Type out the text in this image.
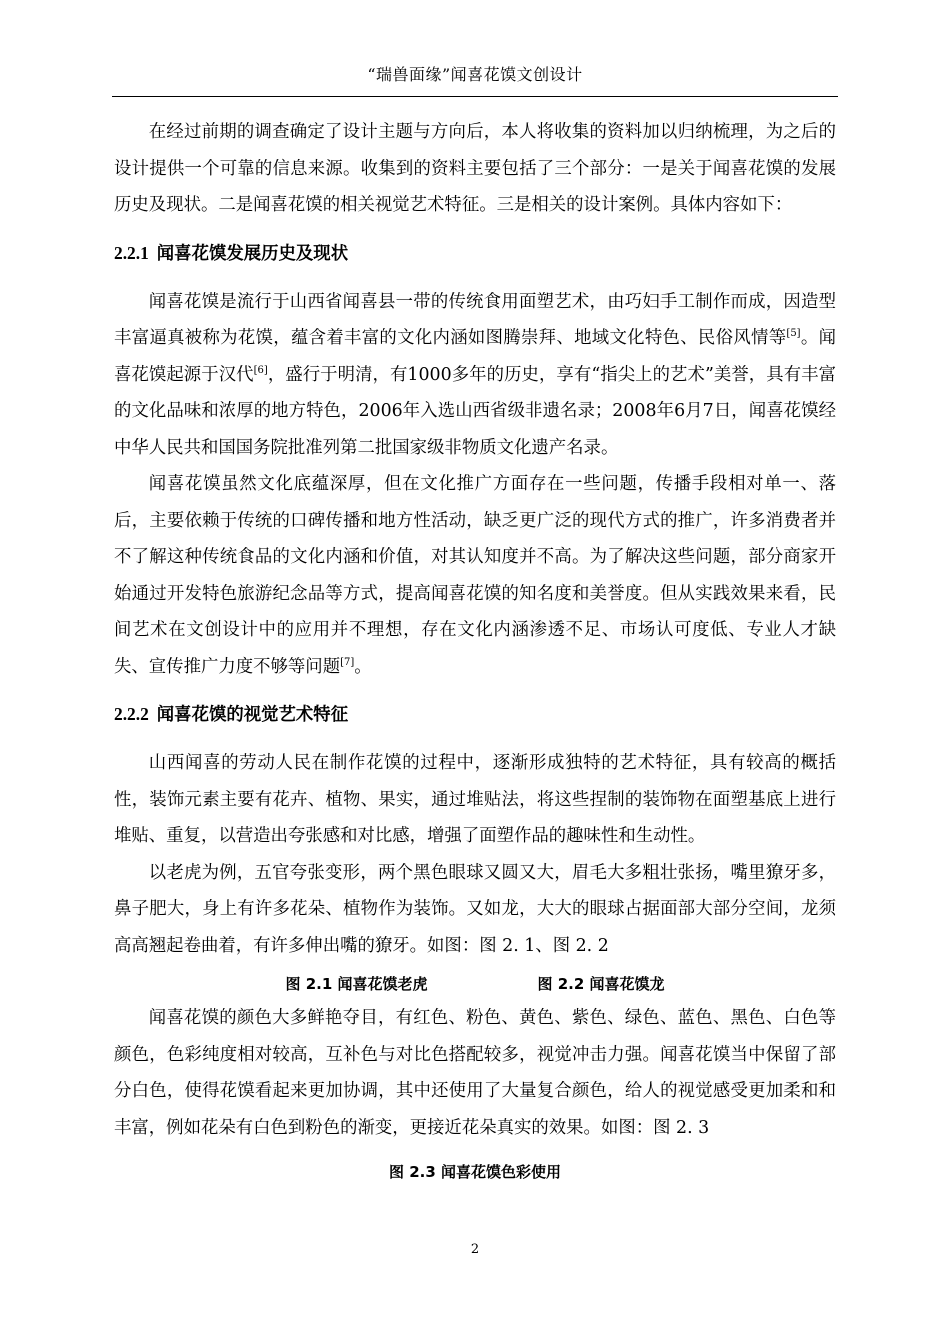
“瑞兽面缘”闻喜花馍文创设计

在经过前期的调查确定了设计主题与方向后，本人将收集的资料加以归纳梳理，为之后的设计提供一个可靠的信息来源。收集到的资料主要包括了三个部分：一是关于闻喜花馍的发展历史及现状。二是闻喜花馍的相关视觉艺术特征。三是相关的设计案例。具体内容如下：

2.2.1 闻喜花馍发展历史及现状

闻喜花馍是流行于山西省闻喜县一带的传统食用面塑艺术，由巧妇手工制作而成，因造型丰富逼真被称为花馍，蕴含着丰富的文化内涵如图腾崇拜、地域文化特色、民俗风情等[5]。闻喜花馍起源于汉代[6]，盛行于明清，有1000多年的历史，享有“指尖上的艺术”美誉，具有丰富的文化品味和浓厚的地方特色，2006年入选山西省级非遗名录；2008年6月7日，闻喜花馍经中华人民共和国国务院批准列第二批国家级非物质文化遗产名录。

闻喜花馍虽然文化底蕴深厚，但在文化推广方面存在一些问题，传播手段相对单一、落后，主要依赖于传统的口碑传播和地方性活动，缺乏更广泛的现代方式的推广，许多消费者并不了解这种传统食品的文化内涵和价值，对其认知度并不高。为了解决这些问题，部分商家开始通过开发特色旅游纪念品等方式，提高闻喜花馍的知名度和美誉度。但从实践效果来看，民间艺术在文创设计中的应用并不理想，存在文化内涵渗透不足、市场认可度低、专业人才缺失、宣传推广力度不够等问题[7]。

2.2.2 闻喜花馍的视觉艺术特征

山西闻喜的劳动人民在制作花馍的过程中，逐渐形成独特的艺术特征，具有较高的概括性，装饰元素主要有花卉、植物、果实，通过堆贴法，将这些捏制的装饰物在面塑基底上进行堆贴、重复，以营造出夸张感和对比感，增强了面塑作品的趣味性和生动性。

以老虎为例，五官夸张变形，两个黑色眼球又圆又大，眉毛大多粗壮张扬，嘴里獠牙多，鼻子肥大，身上有许多花朵、植物作为装饰。又如龙，大大的眼球占据面部大部分空间，龙须高高翘起卷曲着，有许多伸出嘴的獠牙。如图：图 2. 1、图 2. 2

图 2.1 闻喜花馍老虎	图 2.2 闻喜花馍龙

闻喜花馍的颜色大多鲜艳夺目，有红色、粉色、黄色、紫色、绿色、蓝色、黑色、白色等颜色，色彩纯度相对较高，互补色与对比色搭配较多，视觉冲击力强。闻喜花馍当中保留了部分白色，使得花馍看起来更加协调，其中还使用了大量复合颜色，给人的视觉感受更加柔和和丰富，例如花朵有白色到粉色的渐变，更接近花朵真实的效果。如图：图 2. 3

图 2.3 闻喜花馍色彩使用
2
